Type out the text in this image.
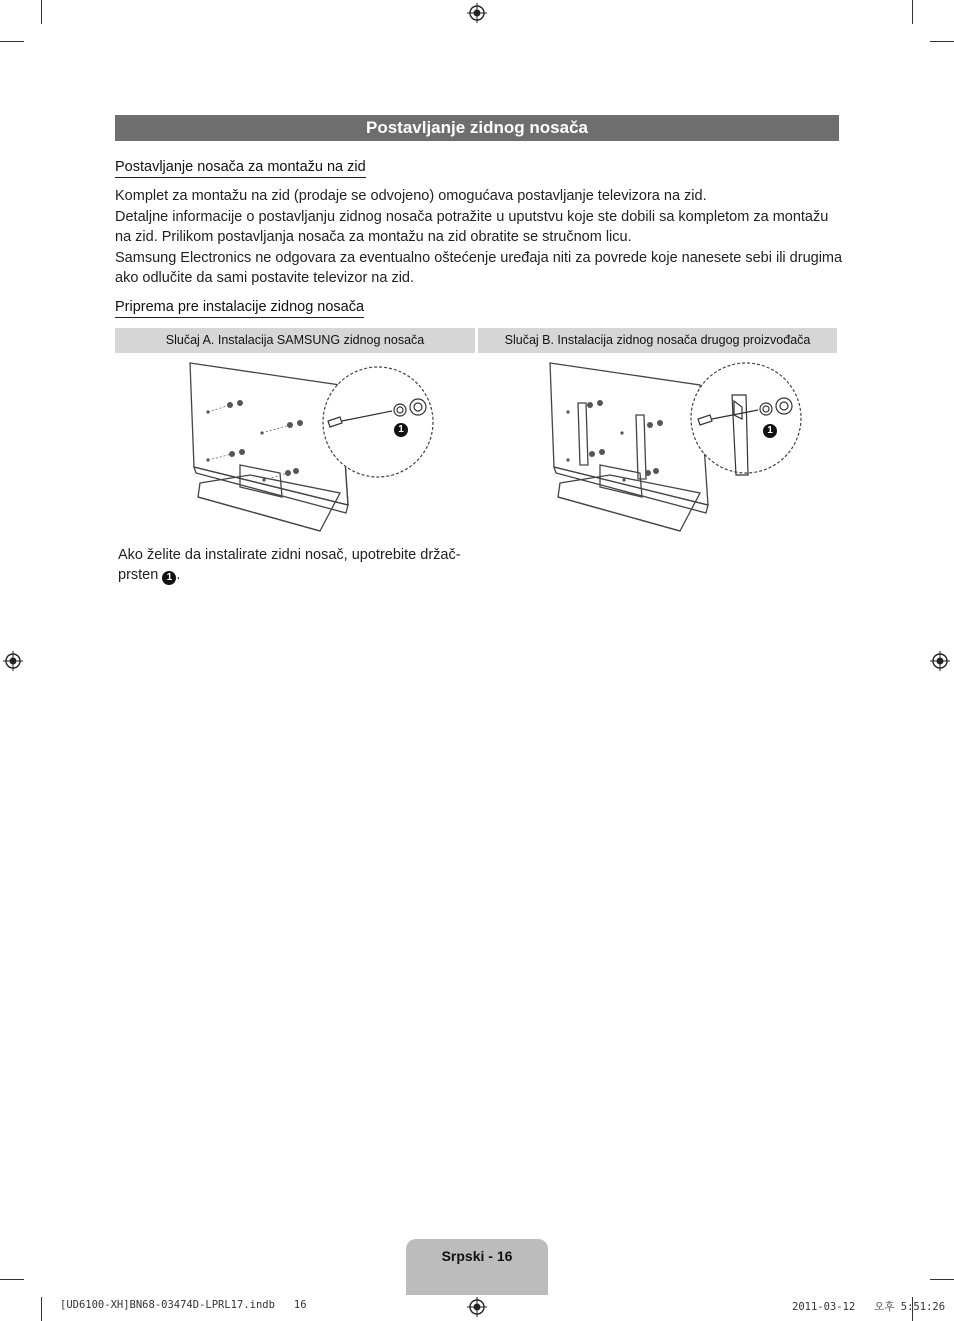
Postavljanje zidnog nosača
Postavljanje nosača za montažu na zid

Komplet za montažu na zid (prodaje se odvojeno) omogućava postavljanje televizora na zid.

Detaljne informacije o postavljanju zidnog nosača potražite u uputstvu koje ste dobili sa kompletom za montažu na zid. Prilikom postavljanja nosača za montažu na zid obratite se stručnom licu.

Samsung Electronics ne odgovara za eventualno oštećenje uređaja niti za povrede koje nanesete sebi ili drugima ako odlučite da sami postavite televizor na zid.

Priprema pre instalacije zidnog nosača
Slučaj A. Instalacija SAMSUNG zidnog nosača	Slučaj B. Instalacija zidnog nosača drugog proizvođača
1	1
Ako želite da instalirate zidni nosač, upotrebite držač-prsten 1 .
Srpski - 16
[UD6100-XH]BN68-03474D-LPRL17.indb   16	2011-03-12   오후 5:51:26
